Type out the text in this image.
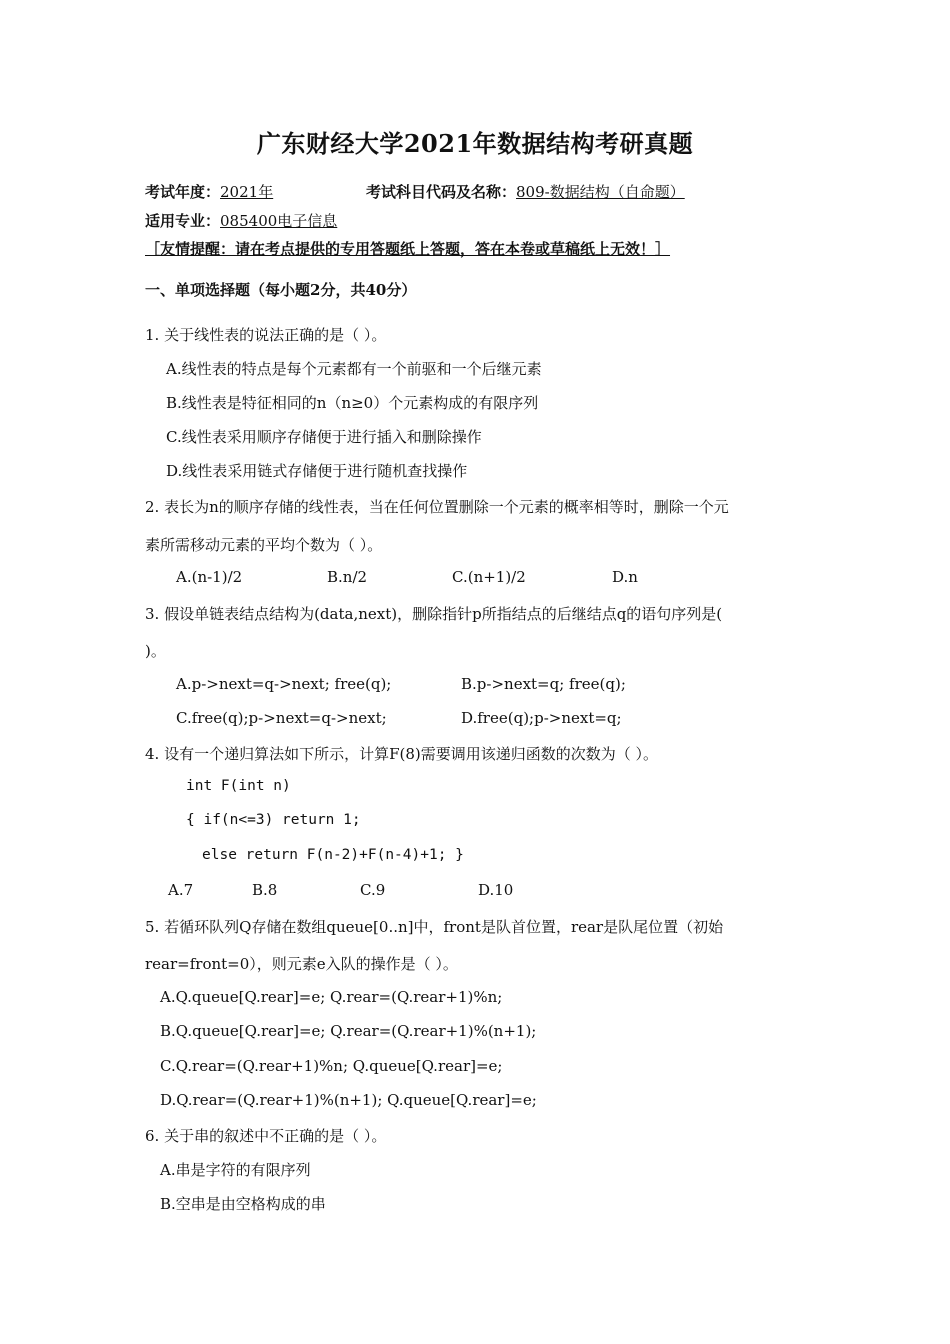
广东财经大学2021年数据结构考研真题
考试年度：2021年	考试科目代码及名称：809-数据结构（自命题）
适用专业：085400电子信息
［友情提醒：请在考点提供的专用答题纸上答题，答在本卷或草稿纸上无效！］
一、单项选择题（每小题2分，共40分）
1. 关于线性表的说法正确的是（ ）。
A.线性表的特点是每个元素都有一个前驱和一个后继元素
B.线性表是特征相同的n（n≥0）个元素构成的有限序列
C.线性表采用顺序存储便于进行插入和删除操作
D.线性表采用链式存储便于进行随机查找操作
2. 表长为n的顺序存储的线性表，当在任何位置删除一个元素的概率相等时，删除一个元
素所需移动元素的平均个数为（ ）。
A.(n-1)/2	B.n/2	C.(n+1)/2	D.n
3. 假设单链表结点结构为(data,next)，删除指针p所指结点的后继结点q的语句序列是(
)。
A.p->next=q->next; free(q);	B.p->next=q; free(q);
C.free(q);p->next=q->next;	D.free(q);p->next=q;
4. 设有一个递归算法如下所示，计算F(8)需要调用该递归函数的次数为（ ）。
int F(int n)
{ if(n<=3) return 1;
else return F(n-2)+F(n-4)+1; }
A.7	B.8	C.9	D.10
5. 若循环队列Q存储在数组queue[0..n]中，front是队首位置，rear是队尾位置（初始
rear=front=0），则元素e入队的操作是（ ）。
A.Q.queue[Q.rear]=e; Q.rear=(Q.rear+1)%n;
B.Q.queue[Q.rear]=e; Q.rear=(Q.rear+1)%(n+1);
C.Q.rear=(Q.rear+1)%n; Q.queue[Q.rear]=e;
D.Q.rear=(Q.rear+1)%(n+1); Q.queue[Q.rear]=e;
6. 关于串的叙述中不正确的是（ ）。
A.串是字符的有限序列
B.空串是由空格构成的串
